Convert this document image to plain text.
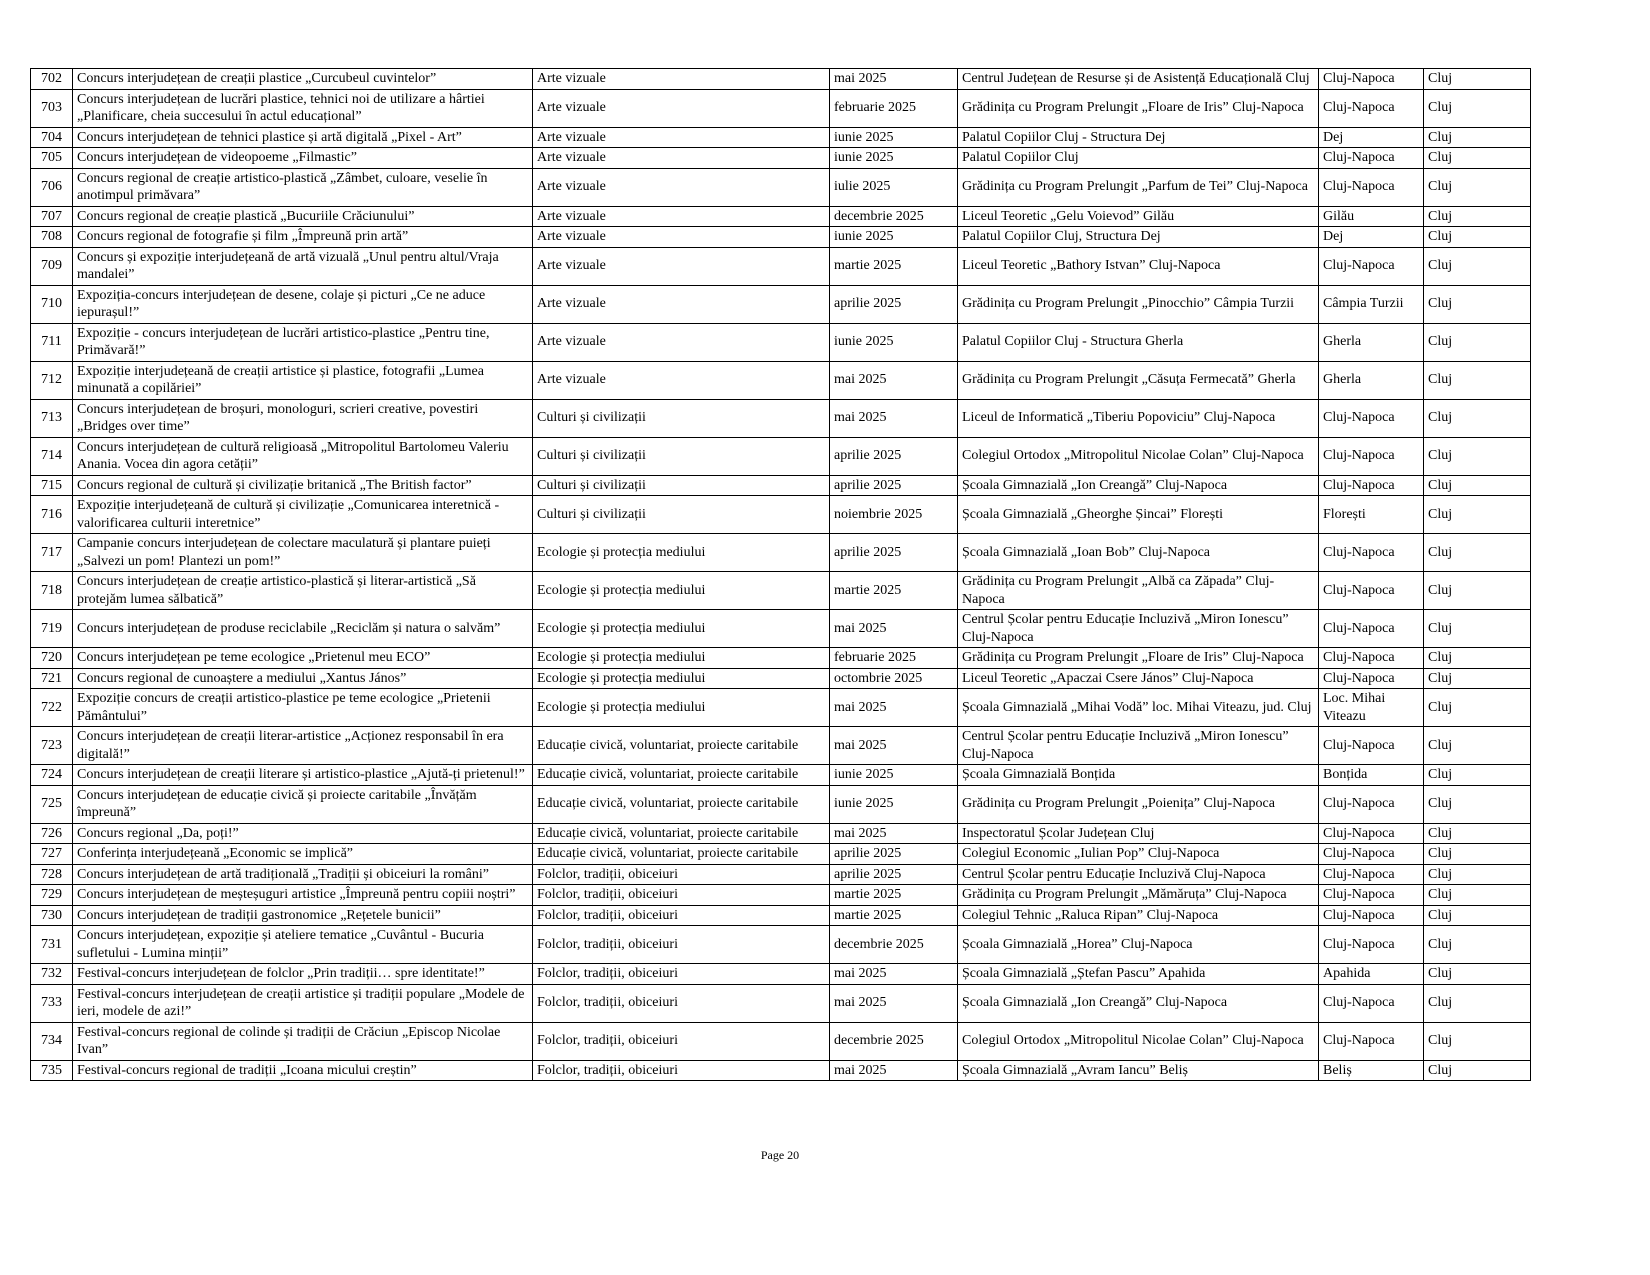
702	Concurs interjudețean de creații plastice „Curcubeul cuvintelor”	Arte vizuale	mai 2025	Centrul Județean de Resurse și de Asistență Educațională Cluj	Cluj-Napoca	Cluj
703	Concurs interjudețean de lucrări plastice, tehnici noi de utilizare a hârtiei „Planificare, cheia succesului în actul educațional”	Arte vizuale	februarie 2025	Grădinița cu Program Prelungit „Floare de Iris” Cluj-Napoca	Cluj-Napoca	Cluj
704	Concurs interjudețean de tehnici plastice și artă digitală „Pixel - Art”	Arte vizuale	iunie 2025	Palatul Copiilor Cluj - Structura Dej	Dej	Cluj
705	Concurs interjudețean de videopoeme „Filmastic”	Arte vizuale	iunie 2025	Palatul Copiilor Cluj	Cluj-Napoca	Cluj
706	Concurs regional de creație artistico-plastică „Zâmbet, culoare, veselie în anotimpul primăvara”	Arte vizuale	iulie 2025	Grădinița cu Program Prelungit „Parfum de Tei” Cluj-Napoca	Cluj-Napoca	Cluj
707	Concurs regional de creație plastică „Bucuriile Crăciunului”	Arte vizuale	decembrie 2025	Liceul Teoretic „Gelu Voievod” Gilău	Gilău	Cluj
708	Concurs regional de fotografie și film „Împreună prin artă”	Arte vizuale	iunie 2025	Palatul Copiilor Cluj, Structura Dej	Dej	Cluj
709	Concurs și expoziție interjudețeană de artă vizuală „Unul pentru altul/Vraja mandalei”	Arte vizuale	martie 2025	Liceul Teoretic „Bathory Istvan” Cluj-Napoca	Cluj-Napoca	Cluj
710	Expoziția-concurs interjudețean de desene, colaje și picturi „Ce ne aduce iepurașul!”	Arte vizuale	aprilie 2025	Grădinița cu Program Prelungit „Pinocchio” Câmpia Turzii	Câmpia Turzii	Cluj
711	Expoziție - concurs interjudețean de lucrări artistico-plastice „Pentru tine, Primăvară!”	Arte vizuale	iunie 2025	Palatul Copiilor Cluj - Structura Gherla	Gherla	Cluj
712	Expoziție interjudețeană de creații artistice și plastice, fotografii „Lumea minunată a copilăriei”	Arte vizuale	mai 2025	Grădinița cu Program Prelungit „Căsuța Fermecată” Gherla	Gherla	Cluj
713	Concurs interjudețean de broșuri, monologuri, scrieri creative, povestiri „Bridges over time”	Culturi și civilizații	mai 2025	Liceul de Informatică „Tiberiu Popoviciu” Cluj-Napoca	Cluj-Napoca	Cluj
714	Concurs interjudețean de cultură religioasă „Mitropolitul Bartolomeu Valeriu Anania. Vocea din agora cetății”	Culturi și civilizații	aprilie 2025	Colegiul Ortodox „Mitropolitul Nicolae Colan” Cluj-Napoca	Cluj-Napoca	Cluj
715	Concurs regional de cultură și civilizație britanică „The British factor”	Culturi și civilizații	aprilie 2025	Școala Gimnazială „Ion Creangă” Cluj-Napoca	Cluj-Napoca	Cluj
716	Expoziție interjudețeană de cultură și civilizație „Comunicarea interetnică - valorificarea culturii interetnice”	Culturi și civilizații	noiembrie 2025	Școala Gimnazială „Gheorghe Șincai” Florești	Florești	Cluj
717	Campanie concurs interjudețean de colectare maculatură și plantare puieți „Salvezi un pom! Plantezi un pom!”	Ecologie și protecția mediului	aprilie 2025	Școala Gimnazială „Ioan Bob” Cluj-Napoca	Cluj-Napoca	Cluj
718	Concurs interjudețean de creație artistico-plastică și literar-artistică „Să protejăm lumea sălbatică”	Ecologie și protecția mediului	martie 2025	Grădinița cu Program Prelungit „Albă ca Zăpada” Cluj-Napoca	Cluj-Napoca	Cluj
719	Concurs interjudețean de produse reciclabile „Reciclăm și natura o salvăm”	Ecologie și protecția mediului	mai 2025	Centrul Școlar pentru Educație Incluzivă „Miron Ionescu” Cluj-Napoca	Cluj-Napoca	Cluj
720	Concurs interjudețean pe teme ecologice „Prietenul meu ECO”	Ecologie și protecția mediului	februarie 2025	Grădinița cu Program Prelungit „Floare de Iris” Cluj-Napoca	Cluj-Napoca	Cluj
721	Concurs regional de cunoaștere a mediului „Xantus János”	Ecologie și protecția mediului	octombrie 2025	Liceul Teoretic „Apaczai Csere János” Cluj-Napoca	Cluj-Napoca	Cluj
722	Expoziție concurs de creații artistico-plastice pe teme ecologice „Prietenii Pământului”	Ecologie și protecția mediului	mai 2025	Școala Gimnazială „Mihai Vodă” loc. Mihai Viteazu, jud. Cluj	Loc. Mihai Viteazu	Cluj
723	Concurs interjudețean de creații literar-artistice „Acționez responsabil în era digitală!”	Educație civică, voluntariat, proiecte caritabile	mai 2025	Centrul Școlar pentru Educație Incluzivă „Miron Ionescu” Cluj-Napoca	Cluj-Napoca	Cluj
724	Concurs interjudețean de creații literare și artistico-plastice „Ajută-ți prietenul!”	Educație civică, voluntariat, proiecte caritabile	iunie 2025	Școala Gimnazială Bonțida	Bonțida	Cluj
725	Concurs interjudețean de educație civică și proiecte caritabile „Învățăm împreună”	Educație civică, voluntariat, proiecte caritabile	iunie 2025	Grădinița cu Program Prelungit „Poienița” Cluj-Napoca	Cluj-Napoca	Cluj
726	Concurs regional „Da, poți!”	Educație civică, voluntariat, proiecte caritabile	mai 2025	Inspectoratul Școlar Județean Cluj	Cluj-Napoca	Cluj
727	Conferința interjudețeană „Economic se implică”	Educație civică, voluntariat, proiecte caritabile	aprilie 2025	Colegiul Economic „Iulian Pop” Cluj-Napoca	Cluj-Napoca	Cluj
728	Concurs interjudețean de artă tradițională „Tradiții și obiceiuri la români”	Folclor, tradiții, obiceiuri	aprilie 2025	Centrul Școlar pentru Educație Incluzivă Cluj-Napoca	Cluj-Napoca	Cluj
729	Concurs interjudețean de meșteșuguri artistice „Împreună pentru copiii noștri”	Folclor, tradiții, obiceiuri	martie 2025	Grădinița cu Program Prelungit „Mămăruța” Cluj-Napoca	Cluj-Napoca	Cluj
730	Concurs interjudețean de tradiții gastronomice „Rețetele bunicii”	Folclor, tradiții, obiceiuri	martie 2025	Colegiul Tehnic „Raluca Ripan” Cluj-Napoca	Cluj-Napoca	Cluj
731	Concurs interjudețean, expoziție și ateliere tematice „Cuvântul - Bucuria sufletului - Lumina minții”	Folclor, tradiții, obiceiuri	decembrie 2025	Școala Gimnazială „Horea” Cluj-Napoca	Cluj-Napoca	Cluj
732	Festival-concurs interjudețean de folclor „Prin tradiții… spre identitate!”	Folclor, tradiții, obiceiuri	mai 2025	Școala Gimnazială „Ștefan Pascu” Apahida	Apahida	Cluj
733	Festival-concurs interjudețean de creații artistice și tradiții populare „Modele de ieri, modele de azi!”	Folclor, tradiții, obiceiuri	mai 2025	Școala Gimnazială „Ion Creangă” Cluj-Napoca	Cluj-Napoca	Cluj
734	Festival-concurs regional de colinde și tradiții de Crăciun „Episcop Nicolae Ivan”	Folclor, tradiții, obiceiuri	decembrie 2025	Colegiul Ortodox „Mitropolitul Nicolae Colan” Cluj-Napoca	Cluj-Napoca	Cluj
735	Festival-concurs regional de tradiții „Icoana micului creștin”	Folclor, tradiții, obiceiuri	mai 2025	Școala Gimnazială „Avram Iancu” Beliș	Beliș	Cluj
Page 20
